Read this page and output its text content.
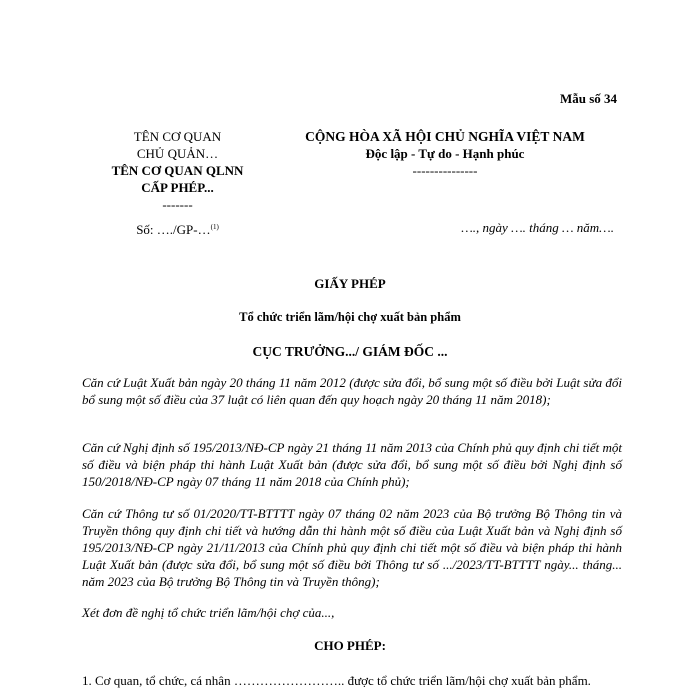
Mẫu số 34
TÊN CƠ QUAN
CHỦ QUẢN…
TÊN CƠ QUAN QLNN
CẤP PHÉP...
-------
CỘNG HÒA XÃ HỘI CHỦ NGHĨA VIỆT NAM
Độc lập - Tự do - Hạnh phúc
---------------
Số: …./GP-…$^{(1)}$	…., ngày …. tháng … năm….
GIẤY PHÉP
Tổ chức triển lãm/hội chợ xuất bản phẩm
CỤC TRƯỞNG.../ GIÁM ĐỐC ...
Căn cứ Luật Xuất bản ngày 20 tháng 11 năm 2012 (được sửa đổi, bổ sung một số điều bởi Luật sửa đổi bổ sung một số điều của 37 luật có liên quan đến quy hoạch ngày 20 tháng 11 năm 2018);
Căn cứ Nghị định số 195/2013/NĐ-CP ngày 21 tháng 11 năm 2013 của Chính phủ quy định chi tiết một số điều và biện pháp thi hành Luật Xuất bản (được sửa đổi, bổ sung một số điều bởi Nghị định số 150/2018/NĐ-CP ngày 07 tháng 11 năm 2018 của Chính phủ);
Căn cứ Thông tư số 01/2020/TT-BTTTT ngày 07 tháng 02 năm 2023 của Bộ trưởng Bộ Thông tin và Truyền thông quy định chi tiết và hướng dẫn thi hành một số điều của Luật Xuất bản và Nghị định số 195/2013/NĐ-CP ngày 21/11/2013 của Chính phủ quy định chi tiết một số điều và biện pháp thi hành Luật Xuất bản (được sửa đổi, bổ sung một số điều bởi Thông tư số .../2023/TT-BTTTT ngày... tháng... năm 2023 của Bộ trưởng Bộ Thông tin và Truyền thông);
Xét đơn đề nghị tổ chức triển lãm/hội chợ của...,
CHO PHÉP:
1. Cơ quan, tổ chức, cá nhân …………………….. được tổ chức triển lãm/hội chợ xuất bản phẩm.
